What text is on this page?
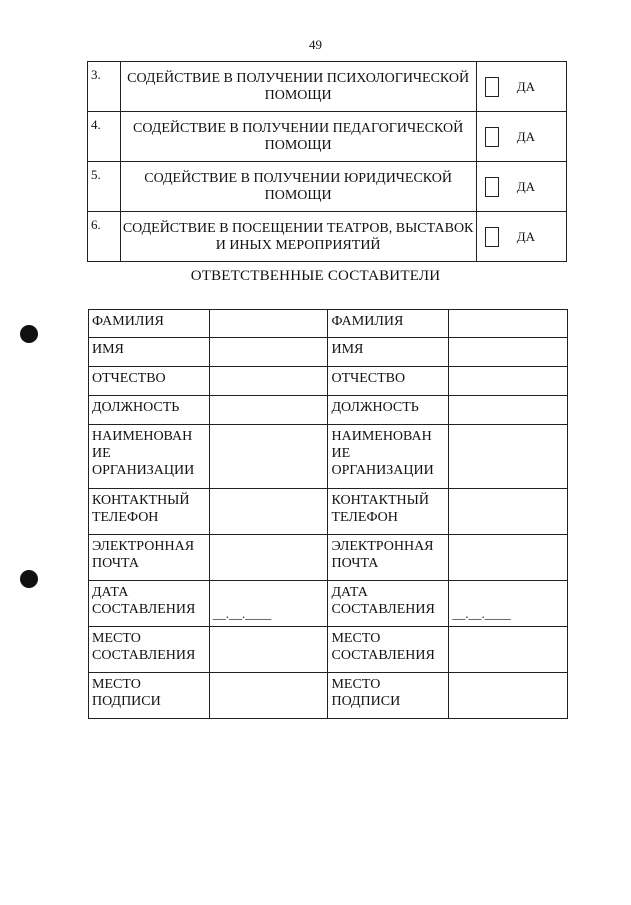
49
3.	СОДЕЙСТВИЕ В ПОЛУЧЕНИИ ПСИХОЛОГИЧЕСКОЙ ПОМОЩИ	ДА

4.	СОДЕЙСТВИЕ В ПОЛУЧЕНИИ ПЕДАГОГИЧЕСКОЙ ПОМОЩИ	ДА

5.	СОДЕЙСТВИЕ В ПОЛУЧЕНИИ ЮРИДИЧЕСКОЙ ПОМОЩИ	ДА

6.	СОДЕЙСТВИЕ В ПОСЕЩЕНИИ ТЕАТРОВ, ВЫСТАВОК И ИНЫХ МЕРОПРИЯТИЙ	ДА
ОТВЕТСТВЕННЫЕ СОСТАВИТЕЛИ
ФАМИЛИЯ		ФАМИЛИЯ	
ИМЯ		ИМЯ	
ОТЧЕСТВО		ОТЧЕСТВО	
ДОЛЖНОСТЬ		ДОЛЖНОСТЬ	
НАИМЕНОВАН ИЕ ОРГАНИЗАЦИИ		НАИМЕНОВАН ИЕ ОРГАНИЗАЦИИ	
КОНТАКТНЫЙ ТЕЛЕФОН		КОНТАКТНЫЙ ТЕЛЕФОН	
ЭЛЕКТРОННАЯ ПОЧТА		ЭЛЕКТРОННАЯ ПОЧТА	
ДАТА СОСТАВЛЕНИЯ	__.__.____	ДАТА СОСТАВЛЕНИЯ	__.__.____

МЕСТО СОСТАВЛЕНИЯ		МЕСТО СОСТАВЛЕНИЯ	
МЕСТО ПОДПИСИ		МЕСТО ПОДПИСИ	
